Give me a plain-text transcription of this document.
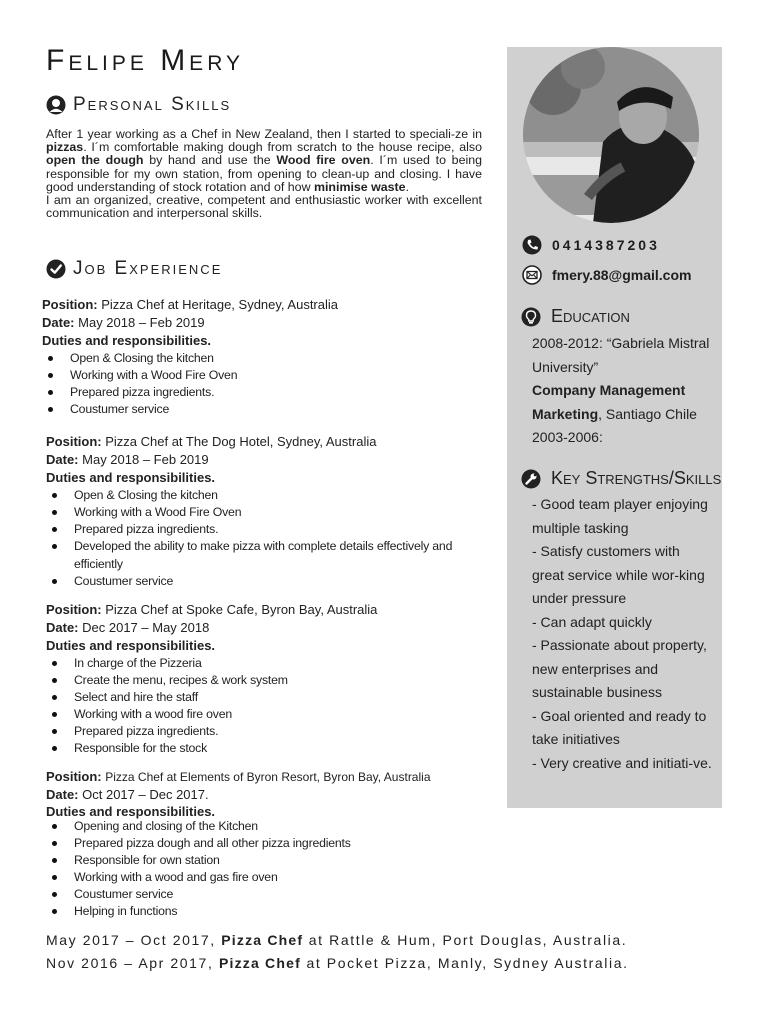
Felipe Mery
Personal Skills

After 1 year working as a Chef in New Zealand, then I started to speciali-ze in pizzas. I´m comfortable making dough from scratch to the house recipe, also open the dough by hand and use the Wood fire oven. I´m used to being responsible for my own station, from opening to clean-up and closing. I have good understanding of stock rotation and of how minimise waste.

I am an organized, creative, competent and enthusiastic worker with excellent communication and interpersonal skills.

Job Experience

Position: Pizza Chef at Heritage, Sydney, Australia

Date: May 2018 – Feb 2019

Duties and responsibilities.

Open & Closing the kitchen
Working with a Wood Fire Oven
Prepared pizza ingredients.
Coustumer service

Position: Pizza Chef at The Dog Hotel, Sydney, Australia

Date: May 2018 – Feb 2019

Duties and responsibilities.

Open & Closing the kitchen
Working with a Wood Fire Oven
Prepared pizza ingredients.
Developed the ability to make pizza with complete details effectively and efficiently
Coustumer service

Position: Pizza Chef at Spoke Cafe, Byron Bay, Australia

Date: Dec 2017 – May 2018

Duties and responsibilities.

In charge of the Pizzeria
Create the menu, recipes & work system
Select and hire the staff
Working with a wood fire oven
Prepared pizza ingredients.
Responsible for the stock

Position: Pizza Chef at Elements of Byron Resort, Byron Bay, Australia

Date: Oct 2017 – Dec 2017.

Duties and responsibilities.

Opening and closing of the Kitchen
Prepared pizza dough and all other pizza ingredients
Responsible for own station
Working with a wood and gas fire oven
Coustumer service
Helping in functions
May 2017 – Oct 2017, Pizza Chef at Rattle & Hum, Port Douglas, Australia.
Nov 2016 – Apr 2017, Pizza Chef at Pocket Pizza, Manly, Sydney Australia.
0414387203
fmery.88@gmail.com
Education

2008-2012: “Gabriela Mistral University”

Company Management Marketing, Santiago Chile 2003-2006:

Key Strengths/Skills

- Good team player enjoying multiple tasking

- Satisfy customers with great service while wor-king under pressure

- Can adapt quickly

- Passionate about property, new enterprises and sustainable business

- Goal oriented and ready to take initiatives

- Very creative and initiati-ve.
